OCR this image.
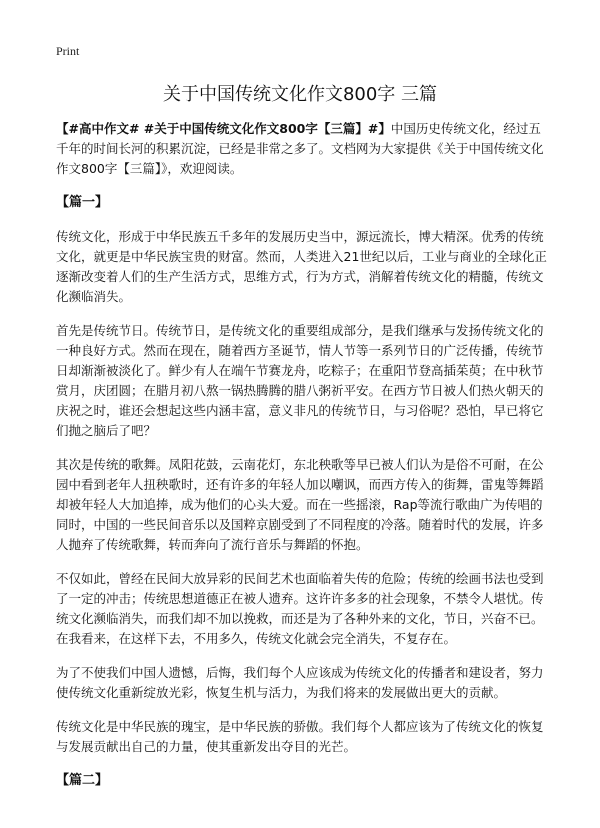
Print
关于中国传统文化作文800字 三篇

【#高中作文# #关于中国传统文化作文800字【三篇】#】中国历史传统文化，经过五千年的时间长河的积累沉淀，已经是非常之多了。文档网为大家提供《关于中国传统文化作文800字【三篇】》，欢迎阅读。

【篇一】

传统文化，形成于中华民族五千多年的发展历史当中，源远流长，博大精深。优秀的传统文化，就更是中华民族宝贵的财富。然而，人类进入21世纪以后，工业与商业的全球化正逐渐改变着人们的生产生活方式，思维方式，行为方式，消解着传统文化的精髓，传统文化濒临消失。

首先是传统节日。传统节日，是传统文化的重要组成部分，是我们继承与发扬传统文化的一种良好方式。然而在现在，随着西方圣诞节，情人节等一系列节日的广泛传播，传统节日却渐渐被淡化了。鲜少有人在端午节赛龙舟，吃粽子；在重阳节登高插茱萸；在中秋节赏月，庆团圆；在腊月初八熬一锅热腾腾的腊八粥祈平安。在西方节日被人们热火朝天的庆祝之时，谁还会想起这些内涵丰富，意义非凡的传统节日，与习俗呢？恐怕，早已将它们抛之脑后了吧？

其次是传统的歌舞。凤阳花鼓，云南花灯，东北秧歌等早已被人们认为是俗不可耐，在公园中看到老年人扭秧歌时，还有许多的年轻人加以嘲讽，而西方传入的街舞，雷鬼等舞蹈却被年轻人大加追捧，成为他们的心头大爱。而在一些摇滚，Rap等流行歌曲广为传唱的同时，中国的一些民间音乐以及国粹京剧受到了不同程度的冷落。随着时代的发展，许多人抛弃了传统歌舞，转而奔向了流行音乐与舞蹈的怀抱。

不仅如此，曾经在民间大放异彩的民间艺术也面临着失传的危险；传统的绘画书法也受到了一定的冲击；传统思想道德正在被人遗弃。这许许多多的社会现象，不禁令人堪忧。传统文化濒临消失，而我们却不加以挽救，而还是为了各种外来的文化，节日，兴奋不已。在我看来，在这样下去，不用多久，传统文化就会完全消失，不复存在。

为了不使我们中国人遗憾，后悔，我们每个人应该成为传统文化的传播者和建设者，努力使传统文化重新绽放光彩，恢复生机与活力，为我们将来的发展做出更大的贡献。

传统文化是中华民族的瑰宝，是中华民族的骄傲。我们每个人都应该为了传统文化的恢复与发展贡献出自己的力量，使其重新发出夺目的光芒。

【篇二】
